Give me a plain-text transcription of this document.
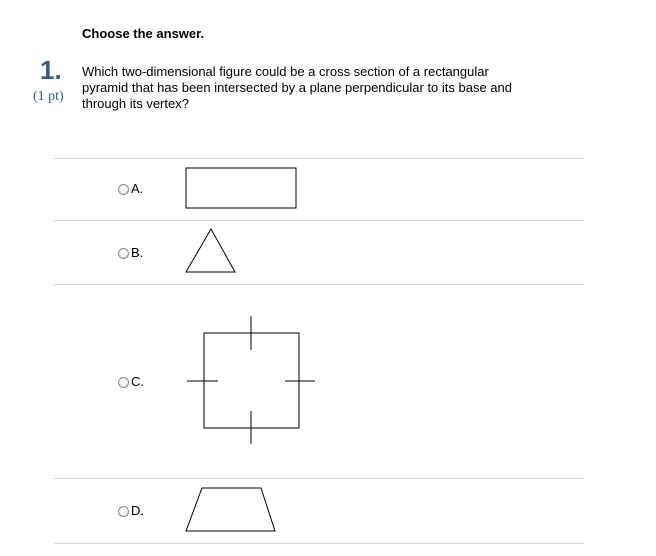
Choose the answer.
1.
(1 pt)
Which two-dimensional figure could be a cross section of a rectangular pyramid that has been intersected by a plane perpendicular to its base and through its vertex?
A.
B.
C.
D.
